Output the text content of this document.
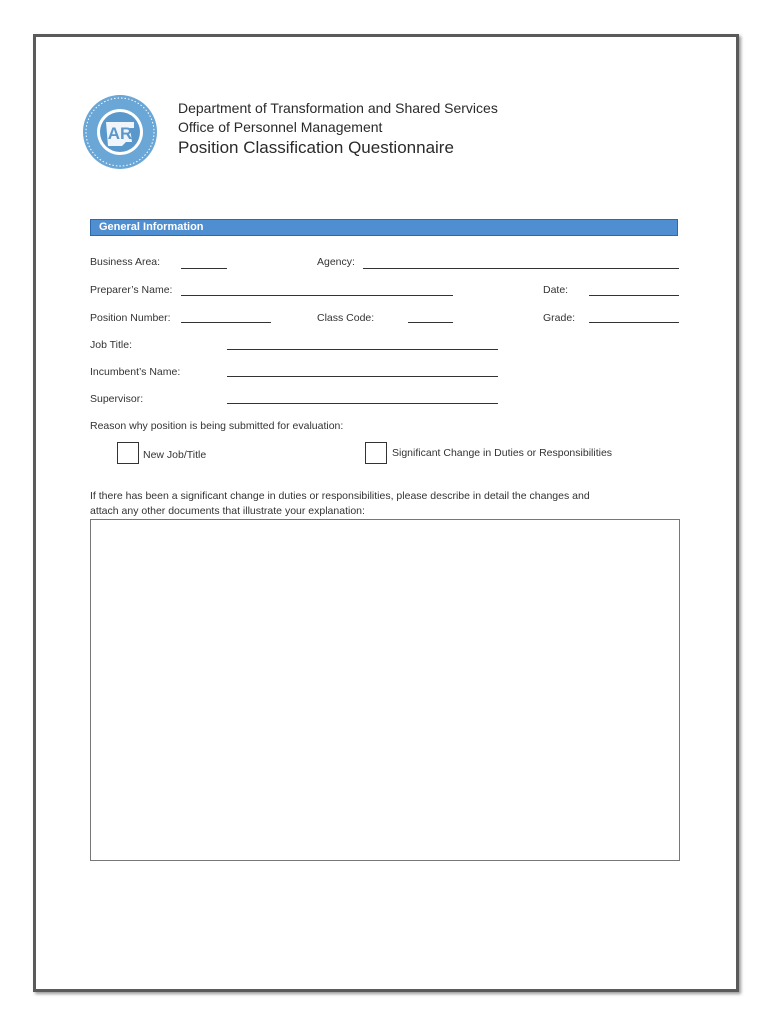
AR
Department of Transformation and Shared Services
Office of Personnel Management
Position Classification Questionnaire
General Information
Business Area:	Agency:
Preparer’s Name:	Date:
Position Number:	Class Code:	Grade:
Job Title:
Incumbent’s Name:
Supervisor:
Reason why position is being submitted for evaluation:
New Job/Title	Significant Change in Duties or Responsibilities
If there has been a significant change in duties or responsibilities, please describe in detail the changes and
attach any other documents that illustrate your explanation:
